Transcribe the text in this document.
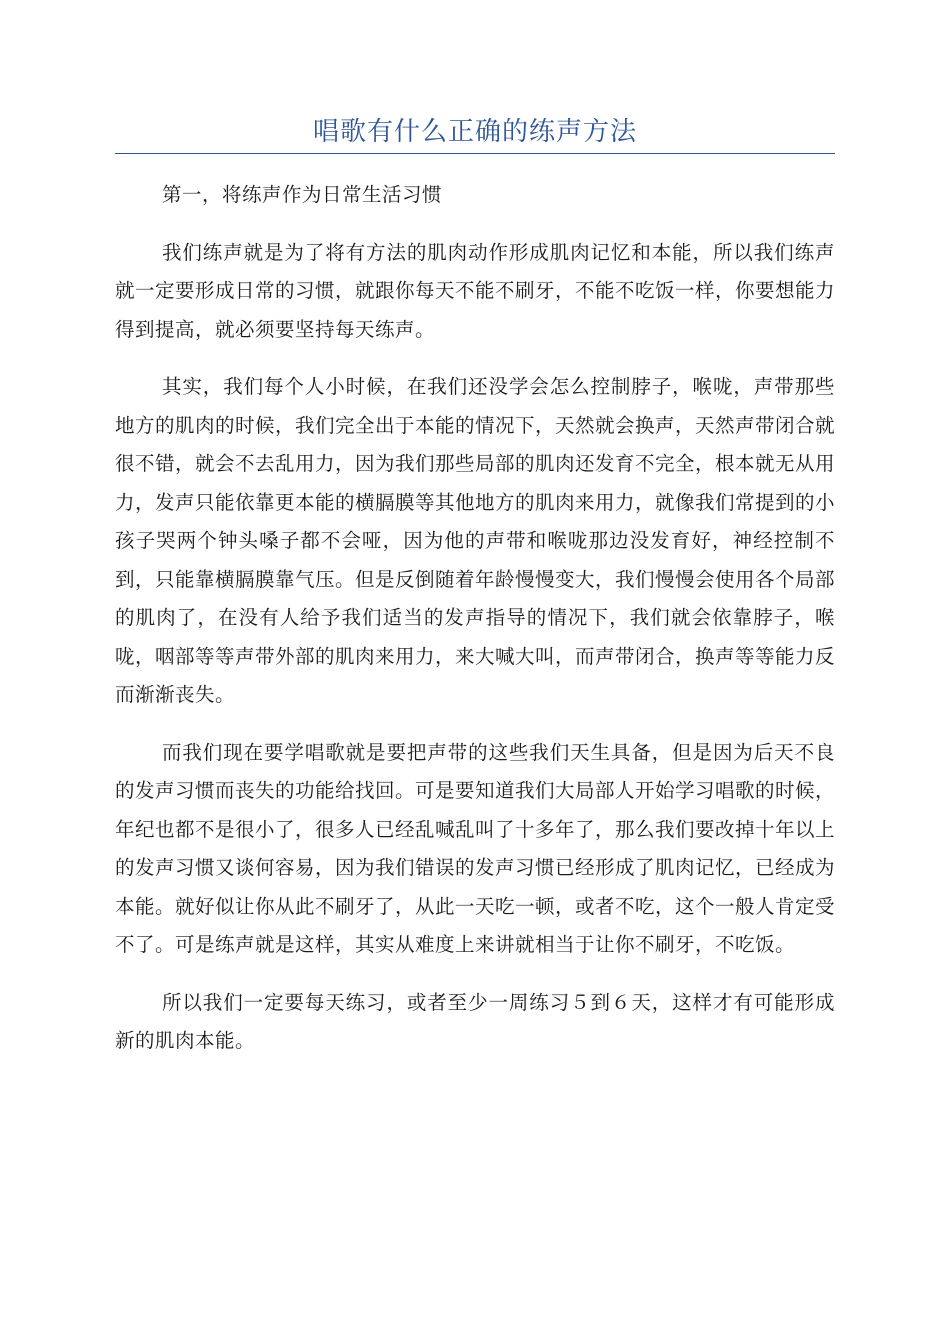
唱歌有什么正确的练声方法

第一，将练声作为日常生活习惯

我们练声就是为了将有方法的肌肉动作形成肌肉记忆和本能，所以我们练声就一定要形成日常的习惯，就跟你每天不能不刷牙，不能不吃饭一样，你要想能力得到提高，就必须要坚持每天练声。

其实，我们每个人小时候，在我们还没学会怎么控制脖子，喉咙，声带那些地方的肌肉的时候，我们完全出于本能的情况下，天然就会换声，天然声带闭合就很不错，就会不去乱用力，因为我们那些局部的肌肉还发育不完全，根本就无从用力，发声只能依靠更本能的横膈膜等其他地方的肌肉来用力，就像我们常提到的小孩子哭两个钟头嗓子都不会哑，因为他的声带和喉咙那边没发育好，神经控制不到，只能靠横膈膜靠气压。但是反倒随着年龄慢慢变大，我们慢慢会使用各个局部的肌肉了，在没有人给予我们适当的发声指导的情况下，我们就会依靠脖子，喉咙，咽部等等声带外部的肌肉来用力，来大喊大叫，而声带闭合，换声等等能力反而渐渐丧失。

而我们现在要学唱歌就是要把声带的这些我们天生具备，但是因为后天不良的发声习惯而丧失的功能给找回。可是要知道我们大局部人开始学习唱歌的时候，年纪也都不是很小了，很多人已经乱喊乱叫了十多年了，那么我们要改掉十年以上的发声习惯又谈何容易，因为我们错误的发声习惯已经形成了肌肉记忆，已经成为本能。就好似让你从此不刷牙了，从此一天吃一顿，或者不吃，这个一般人肯定受不了。可是练声就是这样，其实从难度上来讲就相当于让你不刷牙，不吃饭。

所以我们一定要每天练习，或者至少一周练习５到６天，这样才有可能形成新的肌肉本能。
